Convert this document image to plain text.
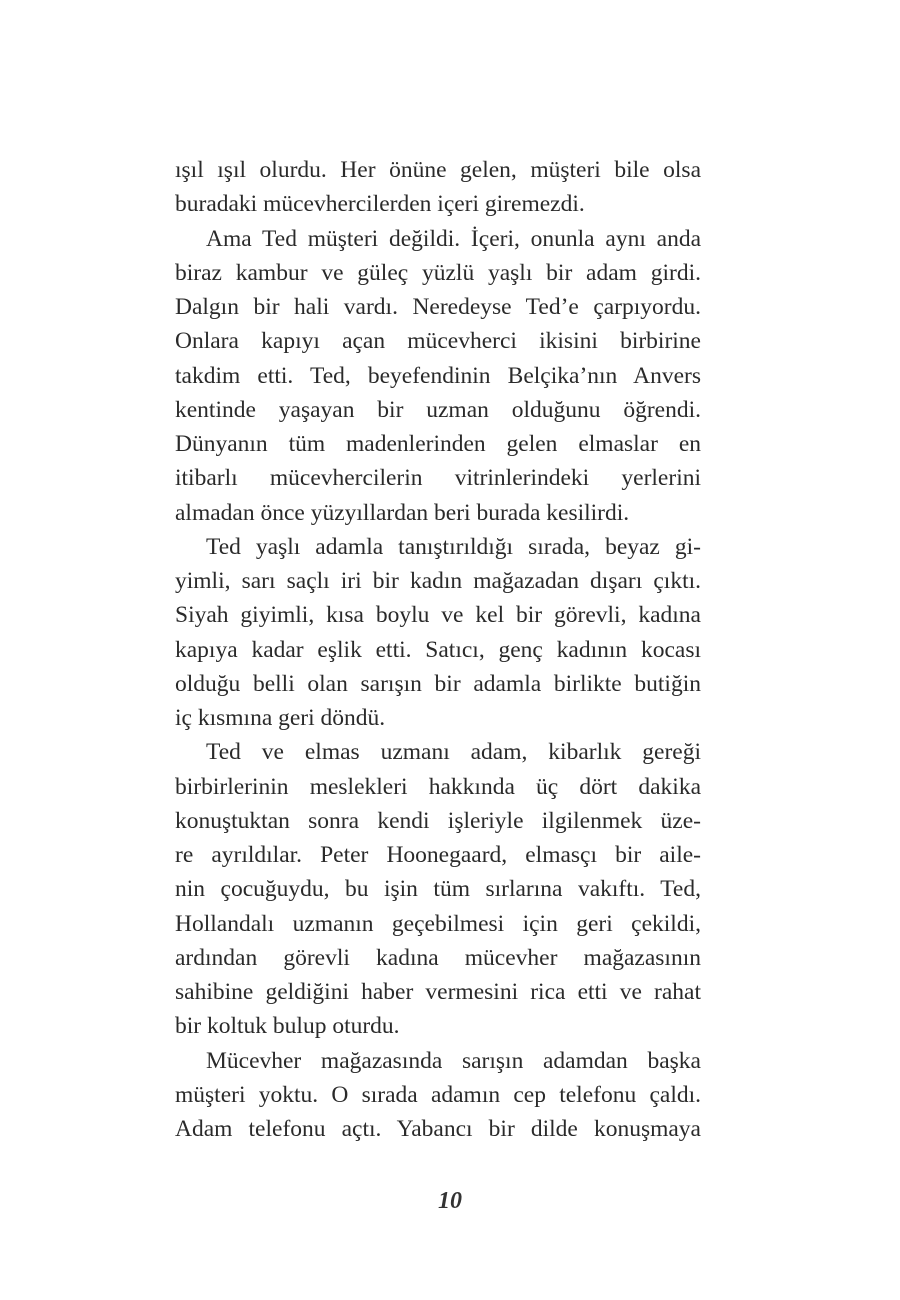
ışıl ışıl olurdu. Her önüne gelen, müşteri bile olsa
buradaki mücevhercilerden içeri giremezdi.
Ama Ted müşteri değildi. İçeri, onunla aynı anda
biraz kambur ve güleç yüzlü yaşlı bir adam girdi.
Dalgın bir hali vardı. Neredeyse Ted’e çarpıyordu.
Onlara kapıyı açan mücevherci ikisini birbirine
takdim etti. Ted, beyefendinin Belçika’nın Anvers
kentinde yaşayan bir uzman olduğunu öğrendi.
Dünyanın tüm madenlerinden gelen elmaslar en
itibarlı mücevhercilerin vitrinlerindeki yerlerini
almadan önce yüzyıllardan beri burada kesilirdi.
Ted yaşlı adamla tanıştırıldığı sırada, beyaz gi-
yimli, sarı saçlı iri bir kadın mağazadan dışarı çıktı.
Siyah giyimli, kısa boylu ve kel bir görevli, kadına
kapıya kadar eşlik etti. Satıcı, genç kadının kocası
olduğu belli olan sarışın bir adamla birlikte butiğin
iç kısmına geri döndü.
Ted ve elmas uzmanı adam, kibarlık gereği
birbirlerinin meslekleri hakkında üç dört dakika
konuştuktan sonra kendi işleriyle ilgilenmek üze-
re ayrıldılar. Peter Hoonegaard, elmasçı bir aile-
nin çocuğuydu, bu işin tüm sırlarına vakıftı. Ted,
Hollandalı uzmanın geçebilmesi için geri çekildi,
ardından görevli kadına mücevher mağazasının
sahibine geldiğini haber vermesini rica etti ve rahat
bir koltuk bulup oturdu.
Mücevher mağazasında sarışın adamdan başka
müşteri yoktu. O sırada adamın cep telefonu çaldı.
Adam telefonu açtı. Yabancı bir dilde konuşmaya
10
